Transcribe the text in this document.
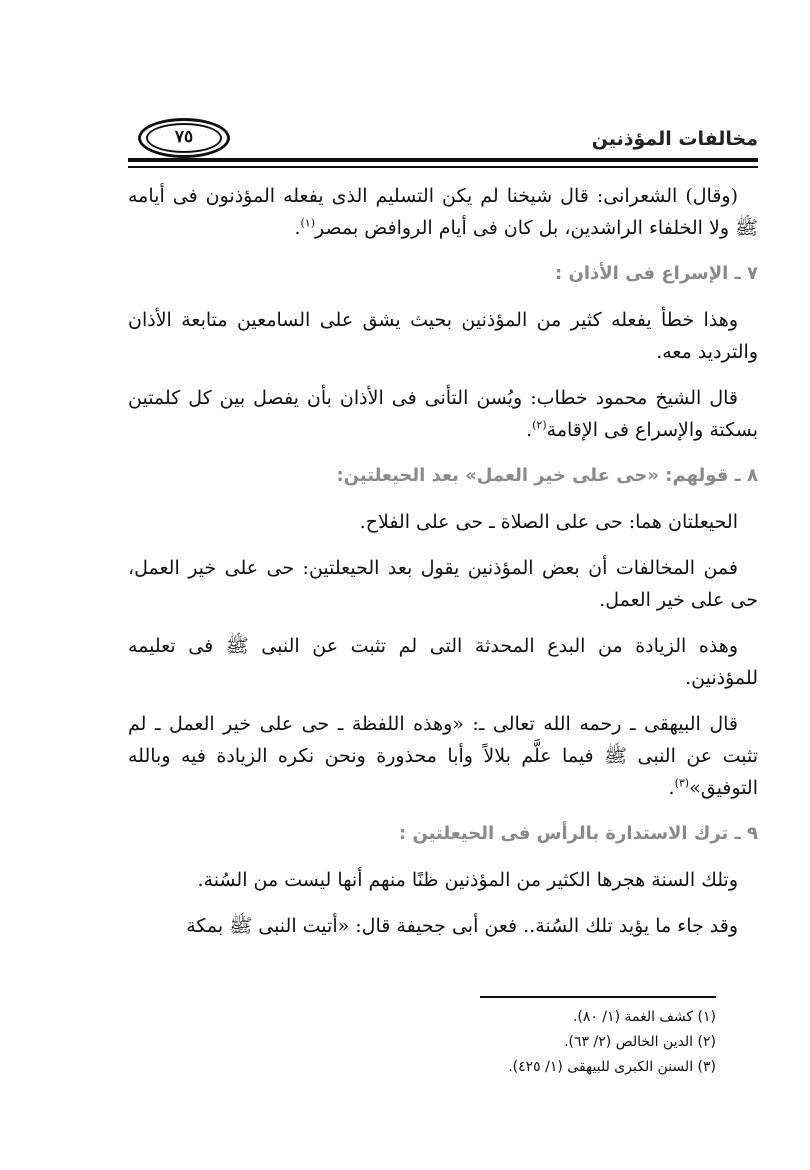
مخالفات المؤذنين
٧٥

(وقال) الشعرانى: قال شيخنا لم يكن التسليم الذى يفعله المؤذنون فى أيامه ﷺ ولا الخلفاء الراشدين، بل كان فى أيام الروافض بمصر$^{(١)}$.

٧ ـ الإسراع فى الأذان :

وهذا خطأ يفعله كثير من المؤذنين بحيث يشق على السامعين متابعة الأذان والترديد معه.

قال الشيخ محمود خطاب: ويُسن التأنى فى الأذان بأن يفصل بين كل كلمتين بسكتة والإسراع فى الإقامة$^{(٢)}$.

٨ ـ قولهم: «حى على خير العمل» بعد الحيعلتين:

الحيعلتان هما: حى على الصلاة ـ حى على الفلاح.

فمن المخالفات أن بعض المؤذنين يقول بعد الحيعلتين: حى على خير العمل، حى على خير العمل.

وهذه الزيادة من البدع المحدثة التى لم تثبت عن النبى ﷺ فى تعليمه للمؤذنين.

قال البيهقى ـ رحمه الله تعالى ـ: «وهذه اللفظة ـ حى على خير العمل ـ لم تثبت عن النبى ﷺ فيما علَّم بلالاً وأبا محذورة ونحن نكره الزيادة فيه وبالله التوفيق»$^{(٣)}$.

٩ ـ ترك الاستدارة بالرأس فى الحيعلتين :

وتلك السنة هجرها الكثير من المؤذنين ظنًا منهم أنها ليست من السُنة.

وقد جاء ما يؤيد تلك السُنة.. فعن أبى جحيفة قال: «أتيت النبى ﷺ بمكة

(١) كشف الغمة (١/ ٨٠).
(٢) الدين الخالص (٢/ ٦٣).
(٣) السنن الكبرى للبيهقى (١/ ٤٢٥).
